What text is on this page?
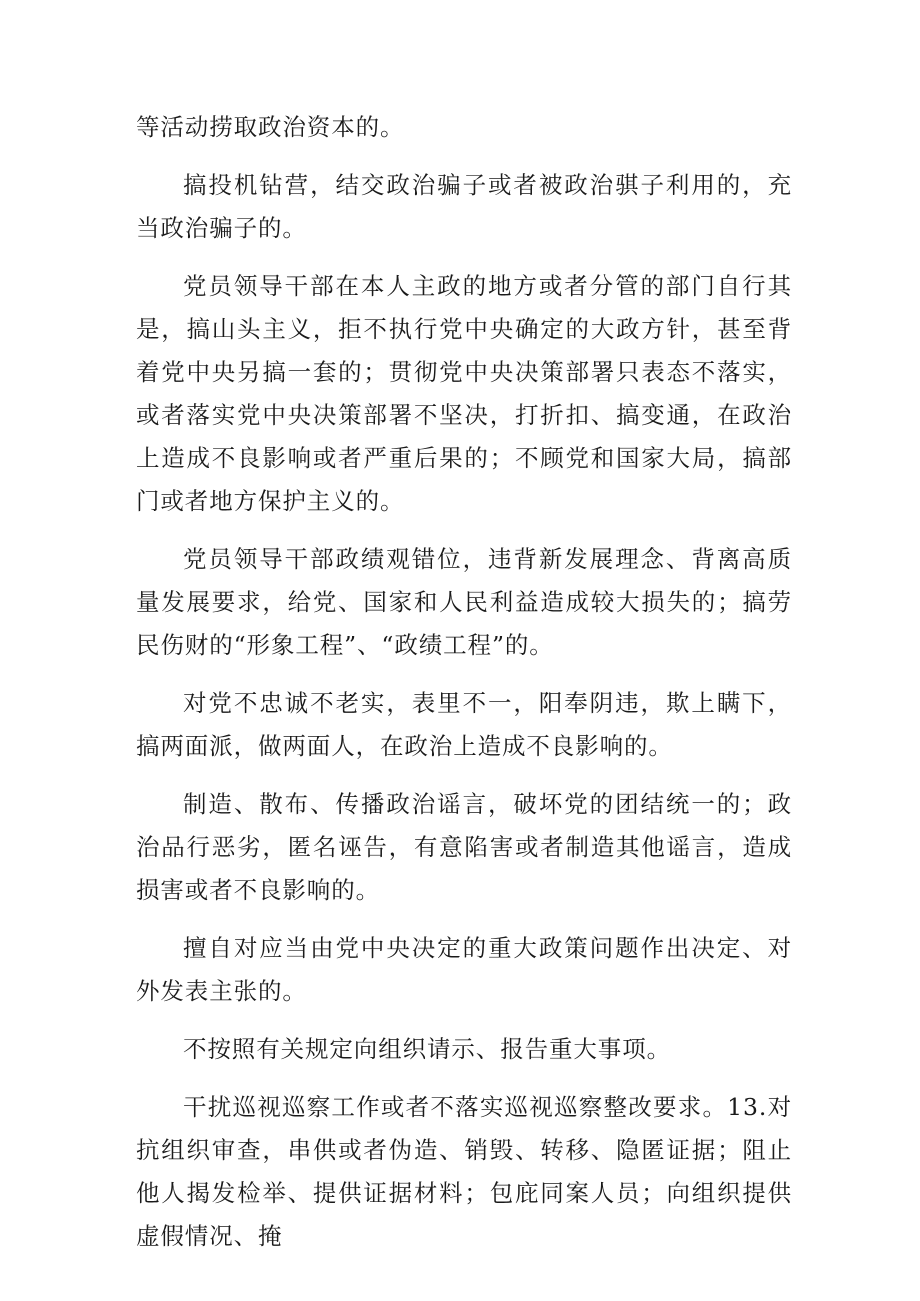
等活动捞取政治资本的。

搞投机钻营，结交政治骗子或者被政治骐子利用的，充当政治骗子的。

党员领导干部在本人主政的地方或者分管的部门自行其是，搞山头主义，拒不执行党中央确定的大政方针，甚至背着党中央另搞一套的；贯彻党中央决策部署只表态不落实，或者落实党中央决策部署不坚决，打折扣、搞变通，在政治上造成不良影响或者严重后果的；不顾党和国家大局，搞部门或者地方保护主义的。

党员领导干部政绩观错位，违背新发展理念、背离高质量发展要求，给党、国家和人民利益造成较大损失的；搞劳民伤财的“形象工程”、“政绩工程”的。

对党不忠诚不老实，表里不一，阳奉阴违，欺上瞒下，搞两面派，做两面人，在政治上造成不良影响的。

制造、散布、传播政治谣言，破坏党的团结统一的；政治品行恶劣，匿名诬告，有意陷害或者制造其他谣言，造成损害或者不良影响的。

擅自对应当由党中央决定的重大政策问题作出决定、对外发表主张的。

不按照有关规定向组织请示、报告重大事项。

干扰巡视巡察工作或者不落实巡视巡察整改要求。13.对抗组织审查，串供或者伪造、销毁、转移、隐匿证据；阻止他人揭发检举、提供证据材料；包庇同案人员；向组织提供虚假情况、掩
